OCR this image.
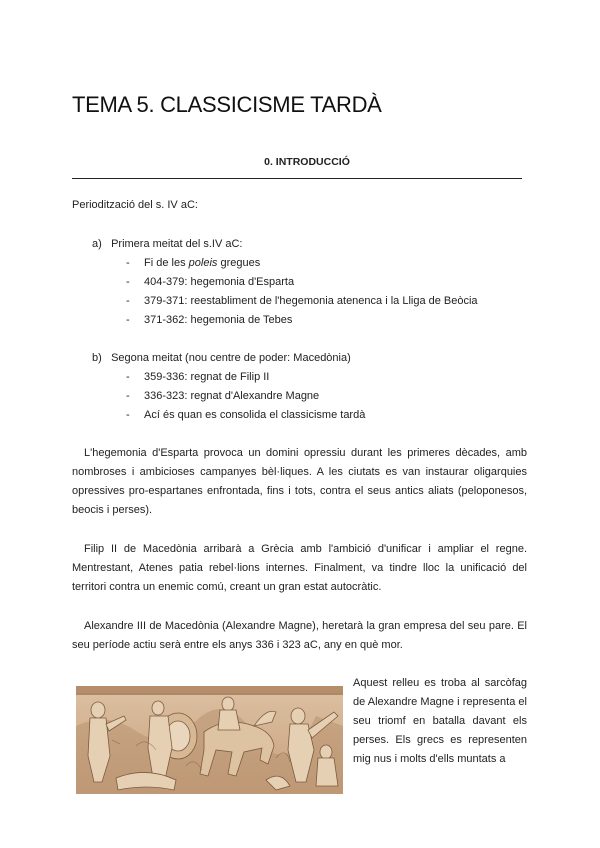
TEMA 5. CLASSICISME TARDÀ
0. INTRODUCCIÓ
Periodització del s. IV aC:
a) Primera meitat del s.IV aC:
- Fi de les poleis gregues
- 404-379: hegemonia d'Esparta
- 379-371: reestabliment de l'hegemonia atenenca i la Lliga de Beòcia
- 371-362: hegemonia de Tebes
b) Segona meitat (nou centre de poder: Macedònia)
- 359-336: regnat de Filip II
- 336-323: regnat d'Alexandre Magne
- Ací és quan es consolida el classicisme tardà
L'hegemonia d'Esparta provoca un domini opressiu durant les primeres dècades, amb nombroses i ambicioses campanyes bèl·liques. A les ciutats es van instaurar oligarquies opressives pro-espartanes enfrontada, fins i tots, contra el seus antics aliats (peloponesos, beocis i perses).
Filip II de Macedònia arribarà a Grècia amb l'ambició d'unificar i ampliar el regne. Mentrestant, Atenes patia rebel·lions internes. Finalment, va tindre lloc la unificació del territori contra un enemic comú, creant un gran estat autocràtic.
Alexandre III de Macedònia (Alexandre Magne), heretarà la gran empresa del seu pare. El seu període actiu serà entre els anys 336 i 323 aC, any en què mor.
Aquest relleu es troba al sarcòfag de Alexandre Magne i representa el seu triomf en batalla davant els perses. Els grecs es representen mig nus i molts d'ells muntats a
